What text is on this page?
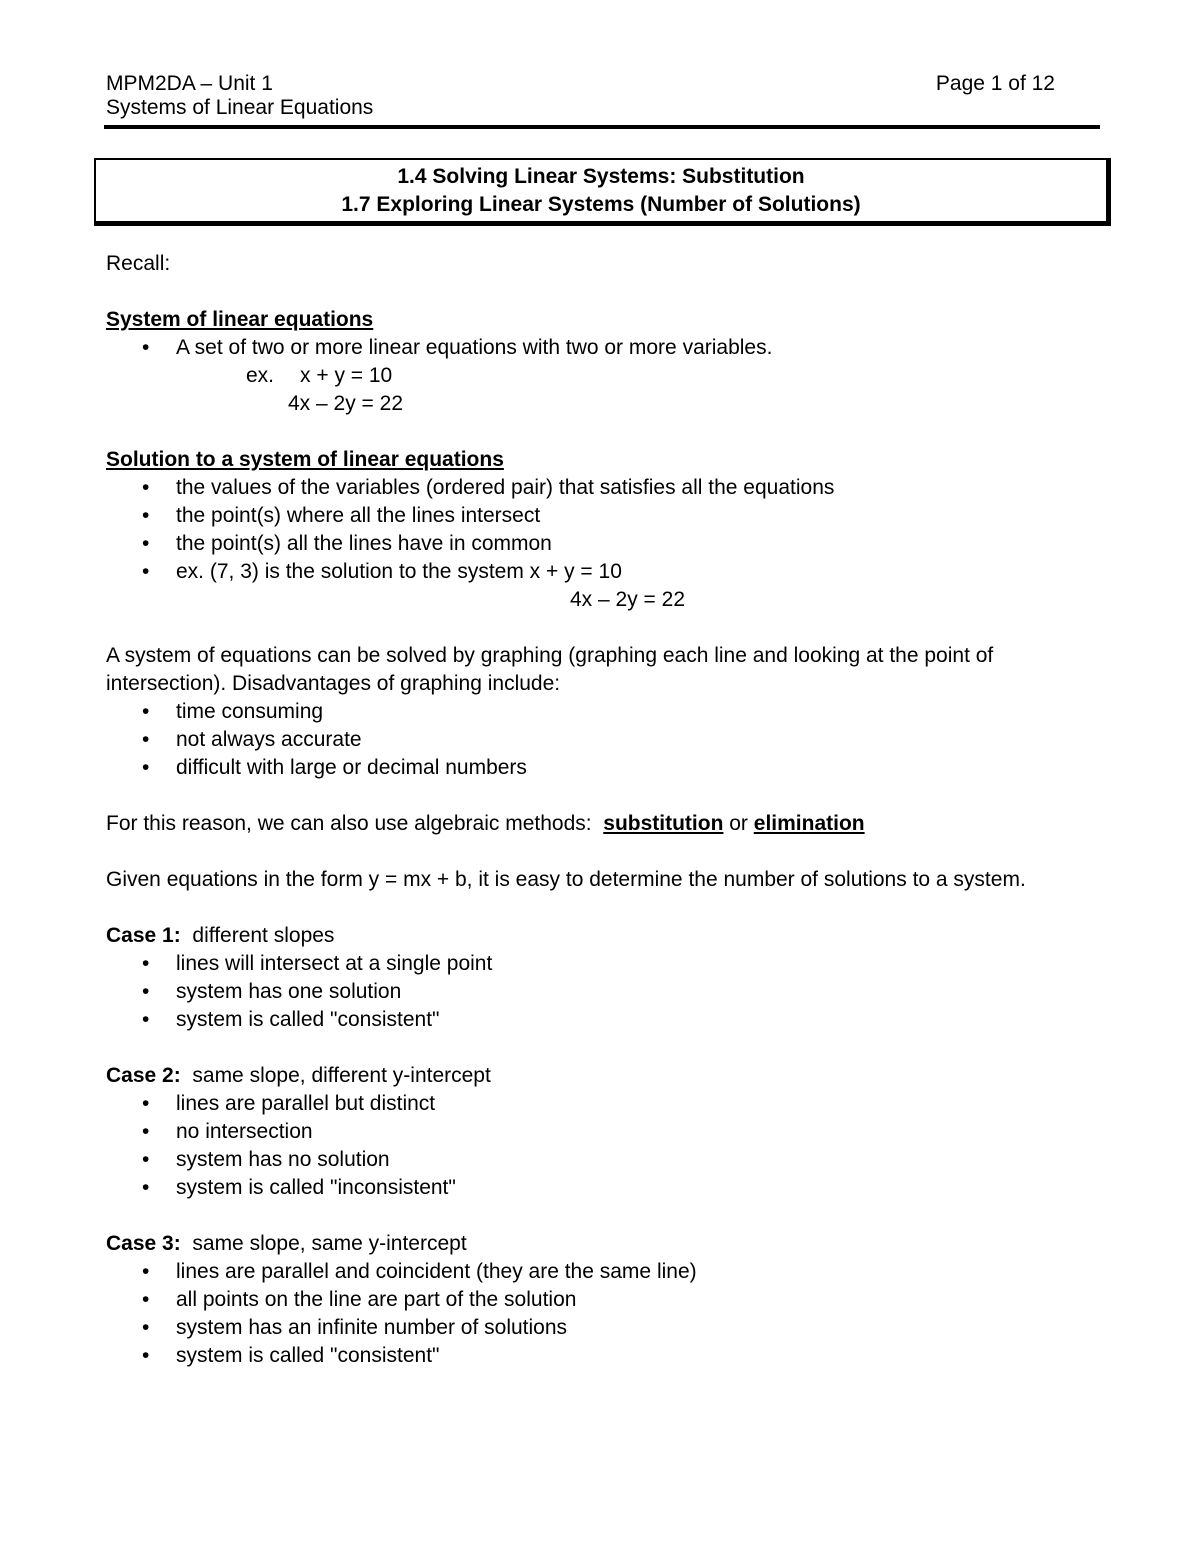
MPM2DA – Unit 1
Systems of Linear Equations
Page 1 of 12
1.4 Solving Linear Systems: Substitution
1.7 Exploring Linear Systems (Number of Solutions)
Recall:
System of linear equations
• A set of two or more linear equations with two or more variables.
ex. x + y = 10
4x – 2y = 22
Solution to a system of linear equations
• the values of the variables (ordered pair) that satisfies all the equations
• the point(s) where all the lines intersect
• the point(s) all the lines have in common
• ex. (7, 3) is the solution to the system x + y = 10
4x – 2y = 22
A system of equations can be solved by graphing (graphing each line and looking at the point of intersection). Disadvantages of graphing include:
• time consuming
• not always accurate
• difficult with large or decimal numbers
For this reason, we can also use algebraic methods:  substitution or elimination
Given equations in the form y = mx + b, it is easy to determine the number of solutions to a system.
Case 1:  different slopes
• lines will intersect at a single point
• system has one solution
• system is called "consistent"
Case 2:  same slope, different y-intercept
• lines are parallel but distinct
• no intersection
• system has no solution
• system is called "inconsistent"
Case 3:  same slope, same y-intercept
• lines are parallel and coincident (they are the same line)
• all points on the line are part of the solution
• system has an infinite number of solutions
• system is called "consistent"
